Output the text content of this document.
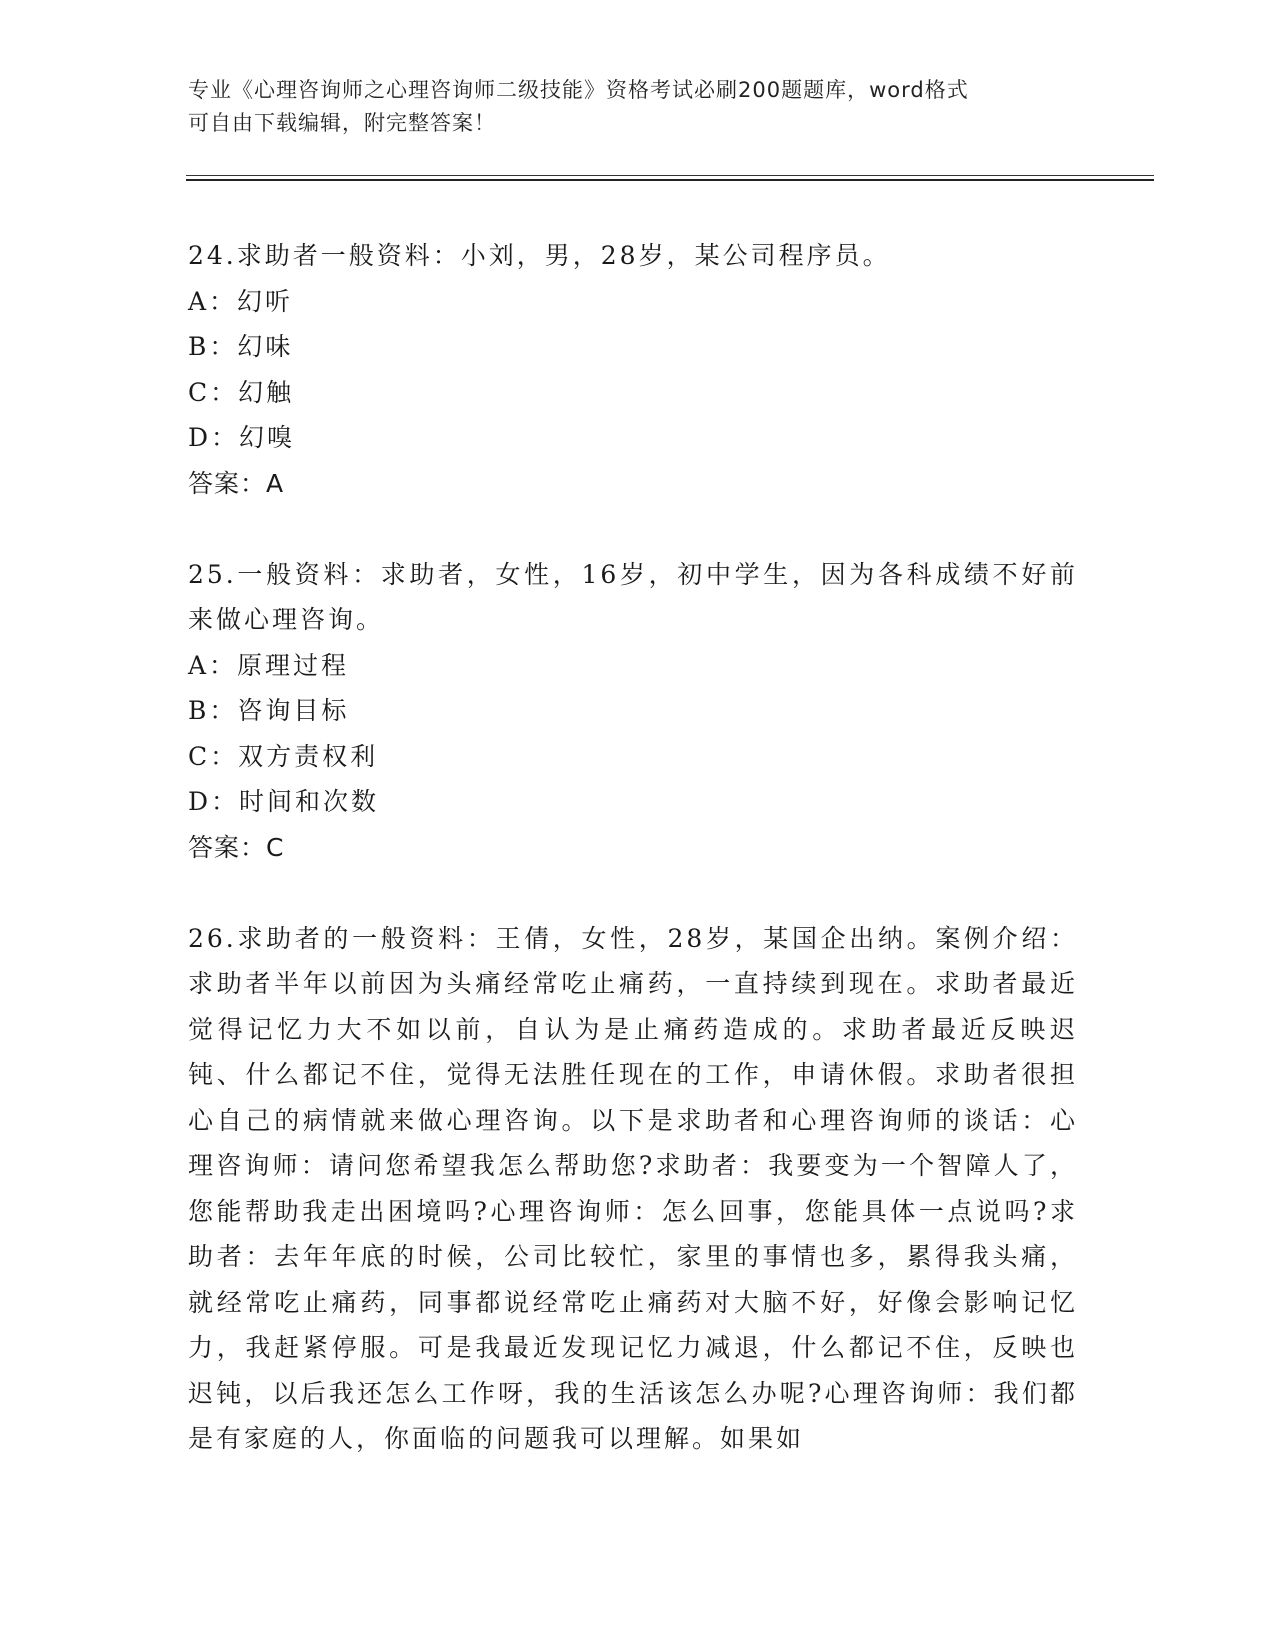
专业《心理咨询师之心理咨询师二级技能》资格考试必刷200题题库，word格式
可自由下载编辑，附完整答案！
24.求助者一般资料：小刘，男，28岁，某公司程序员。
A：幻听
B：幻味
C：幻触
D：幻嗅
答案：A
25.一般资料：求助者，女性，16岁，初中学生，因为各科成绩不好前来做心理咨询。
A：原理过程
B：咨询目标
C：双方责权利
D：时间和次数
答案：C
26.求助者的一般资料：王倩，女性，28岁，某国企出纳。案例介绍：求助者半年以前因为头痛经常吃止痛药，一直持续到现在。求助者最近觉得记忆力大不如以前，自认为是止痛药造成的。求助者最近反映迟钝、什么都记不住，觉得无法胜任现在的工作，申请休假。求助者很担心自己的病情就来做心理咨询。以下是求助者和心理咨询师的谈话：心理咨询师：请问您希望我怎么帮助您?求助者：我要变为一个智障人了，您能帮助我走出困境吗?心理咨询师：怎么回事，您能具体一点说吗?求助者：去年年底的时候，公司比较忙，家里的事情也多，累得我头痛，就经常吃止痛药，同事都说经常吃止痛药对大脑不好，好像会影响记忆力，我赶紧停服。可是我最近发现记忆力减退，什么都记不住，反映也迟钝，以后我还怎么工作呀，我的生活该怎么办呢?心理咨询师：我们都是有家庭的人，你面临的问题我可以理解。如果如
